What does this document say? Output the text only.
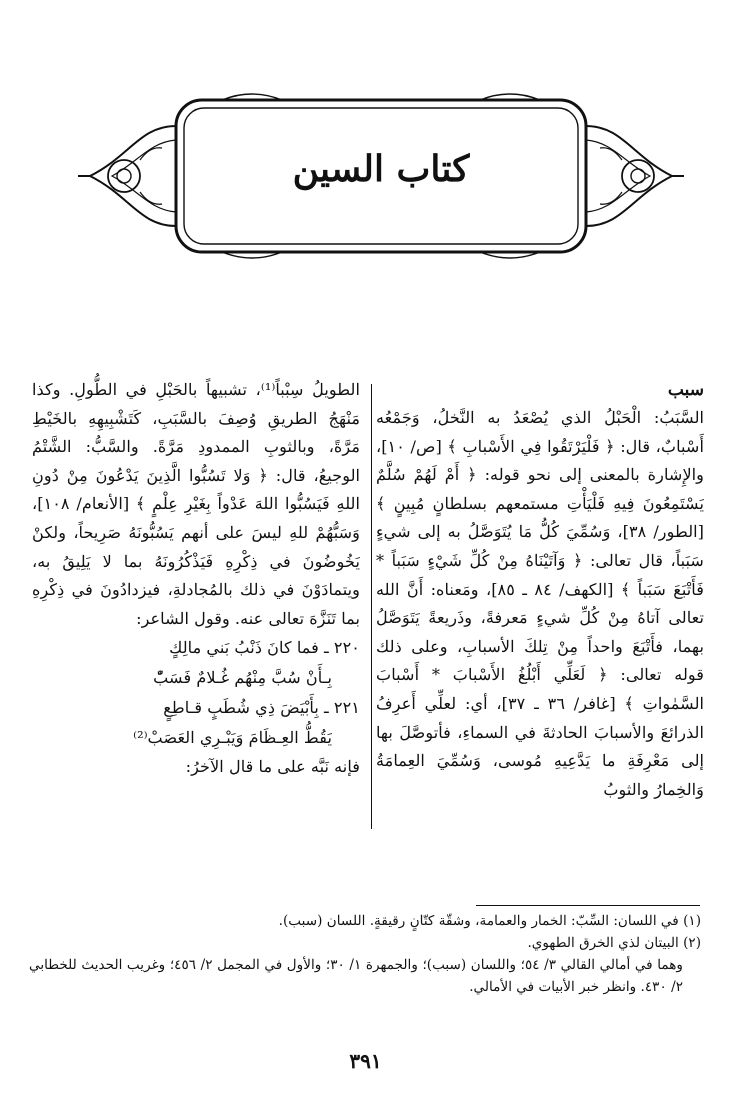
كتاب السين
سبب

السَّبَبُ: الْحَبْلُ الذي يُصْعَدُ به النَّخلُ، وَجَمْعُه أَسْبابٌ، قال: ﴿ فَلْيَرْتَقُوا فِي الأَسْبابِ ﴾ [ص/ ١٠]، والإِشارة بالمعنى إلى نحو قوله: ﴿ أَمْ لَهُمْ سُلَّمٌ يَسْتَمِعُونَ فِيهِ فَلْيَأْتِ مستمعهم بسلطانٍ مُبِينٍ ﴾ [الطور/ ٣٨]، وَسُمِّيَ كُلُّ مَا يُتَوَصَّلُ به إلى شيءٍ سَبَباً، قال تعالى: ﴿ وَآتَيْنَاهُ مِنْ كُلِّ شَيْءٍ سَبَباً * فَأَتْبَعَ سَبَباً ﴾ [الكهف/ ٨٤ ـ ٨٥]، ومَعناه: أَنَّ الله تعالى آتاهُ مِنْ كُلِّ شيءٍ مَعرفةً، وذَريعةً يَتَوَصَّلُ بهما، فأَتْبَعَ واحداً مِنْ تِلكَ الأسبابِ، وعلى ذلك قوله تعالى: ﴿ لَعَلِّي أَبْلُغُ الأَسْبابَ * أَسْبابَ السَّمٰواتِ ﴾ [غافر/ ٣٦ ـ ٣٧]، أي: لعلِّي أَعرِفُ الذرائعَ والأسبابَ الحادثةَ في السماءِ، فأتوصَّلَ بها إلى مَعْرِفَةِ ما يَدَّعِيهِ مُوسى، وَسُمِّيَ العِمامَةُ وَالخِمارُ والثوبُ

الطويلُ سِبْباً⁽¹⁾، تشبيهاً بالحَبْلِ في الطُّولِ. وكذا مَنْهَجُ الطريقِ وُصِفَ بالسَّبَبِ، كَتَشْبِيهِهِ بالخَيْطِ مَرَّةً، وبالثوبِ الممدودِ مَرَّةً. والسَّبُّ: الشَّتْمُ الوجيعُ، قال: ﴿ وَلا تَسُبُّوا الَّذِينَ يَدْعُونَ مِنْ دُونِ اللهِ فَيَسُبُّوا اللهَ عَدْواً بِغَيْرِ عِلْمٍ ﴾ [الأنعام/ ١٠٨]، وَسَبُّهُمْ للهِ ليسَ على أنهم يَسُبُّونَهُ صَرِيحاً، ولكنْ يَخُوضُونَ في ذِكْرِهِ فَيَذْكُرُونَهُ بما لا يَلِيقُ به، ويتمادَوْنَ في ذلك بالمُجادلةِ، فيزدادُونَ في ذِكْرِهِ بما تَنَزَّهَ تعالى عنه. وقول الشاعر:

٢٢٠ ـ فما كانَ ذَنْبُ بَني مالِكٍ

بِـأَنْ سُبَّ مِنْهُم غُـلامٌ فَسَبّْ

٢٢١ ـ بِأَبْيَضَ ذِي شُطَبٍ قـاطِعٍ

يَقُطُّ العِـظَامَ وَيَبْـرِي العَصَبْ⁽²⁾

فإنه نَبَّه على ما قال الآخرُ:

(١) في اللسان: السِّبّ: الخمار والعمامة، وشقّة كتّانٍ رقيقةٍ. اللسان (سبب).

(٢) البيتان لذي الخرق الطهوي.

وهما في أمالي القالي ٣/ ٥٤؛ واللسان (سبب)؛ والجمهرة ١/ ٣٠؛ والأول في المجمل ٢/ ٤٥٦؛ وغريب الحديث للخطابي ٢/ ٤٣٠. وانظر خبر الأبيات في الأمالي.

٣٩١
